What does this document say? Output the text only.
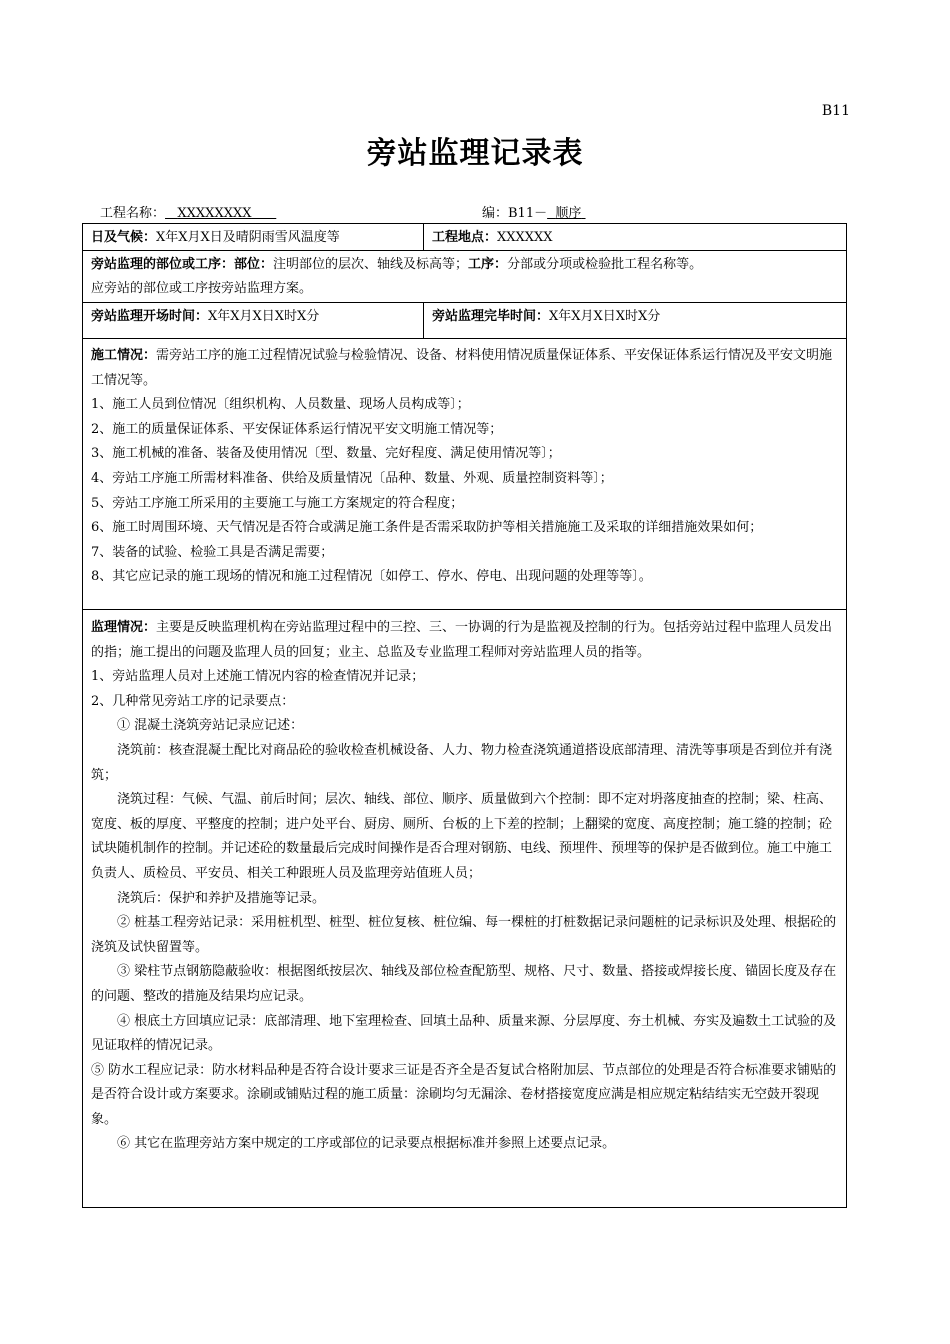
B11
旁站监理记录表
工程名称： XXXXXXXX	编：B11－ 顺序
日及气候：X年X月X日及晴阴雨雪风温度等	工程地点：XXXXXX

旁站监理的部位或工序：部位：注明部位的层次、轴线及标高等；工序：分部或分项或检验批工程名称等。

应旁站的部位或工序按旁站监理方案。

旁站监理开场时间：X年X月X日X时X分	旁站监理完毕时间：X年X月X日X时X分

施工情况：需旁站工序的施工过程情况试验与检验情况、设备、材料使用情况质量保证体系、平安保证体系运行情况及平安文明施工情况等。

1、施工人员到位情况〔组织机构、人员数量、现场人员构成等〕；

2、施工的质量保证体系、平安保证体系运行情况平安文明施工情况等；

3、施工机械的准备、装备及使用情况〔型、数量、完好程度、满足使用情况等〕；

4、旁站工序施工所需材料准备、供给及质量情况〔品种、数量、外观、质量控制资料等〕；

5、旁站工序施工所采用的主要施工与施工方案规定的符合程度；

6、施工时周围环境、天气情况是否符合或满足施工条件是否需采取防护等相关措施施工及采取的详细措施效果如何；

7、装备的试验、检验工具是否满足需要；

8、其它应记录的施工现场的情况和施工过程情况〔如停工、停水、停电、出现问题的处理等等〕。

监理情况：主要是反映监理机构在旁站监理过程中的三控、三、一协调的行为是监视及控制的行为。包括旁站过程中监理人员发出的指；施工提出的问题及监理人员的回复；业主、总监及专业监理工程师对旁站监理人员的指等。

1、旁站监理人员对上述施工情况内容的检查情况并记录；

2、几种常见旁站工序的记录要点：

① 混凝土浇筑旁站记录应记述：

浇筑前：核查混凝土配比对商品砼的验收检查机械设备、人力、物力检查浇筑通道搭设底部清理、清洗等事项是否到位并有浇筑；

浇筑过程：气候、气温、前后时间；层次、轴线、部位、顺序、质量做到六个控制：即不定对坍落度抽查的控制；梁、柱高、宽度、板的厚度、平整度的控制；进户处平台、厨房、厕所、台板的上下差的控制；上翻梁的宽度、高度控制；施工缝的控制；砼试块随机制作的控制。并记述砼的数量最后完成时间操作是否合理对钢筋、电线、预埋件、预埋等的保护是否做到位。施工中施工负责人、质检员、平安员、相关工种跟班人员及监理旁站值班人员；

浇筑后：保护和养护及措施等记录。

② 桩基工程旁站记录：采用桩机型、桩型、桩位复核、桩位编、每一棵桩的打桩数据记录问题桩的记录标识及处理、根据砼的浇筑及试快留置等。

③ 梁柱节点钢筋隐蔽验收：根据图纸按层次、轴线及部位检查配筋型、规格、尺寸、数量、搭接或焊接长度、锚固长度及存在的问题、整改的措施及结果均应记录。

④ 根底土方回填应记录：底部清理、地下室理检查、回填土品种、质量来源、分层厚度、夯土机械、夯实及遍数土工试验的及见证取样的情况记录。

⑤ 防水工程应记录：防水材料品种是否符合设计要求三证是否齐全是否复试合格附加层、节点部位的处理是否符合标准要求铺贴的是否符合设计或方案要求。涂刷或铺贴过程的施工质量：涂刷均匀无漏涂、卷材搭接宽度应满是相应规定粘结结实无空鼓开裂现象。

⑥ 其它在监理旁站方案中规定的工序或部位的记录要点根据标准并参照上述要点记录。
